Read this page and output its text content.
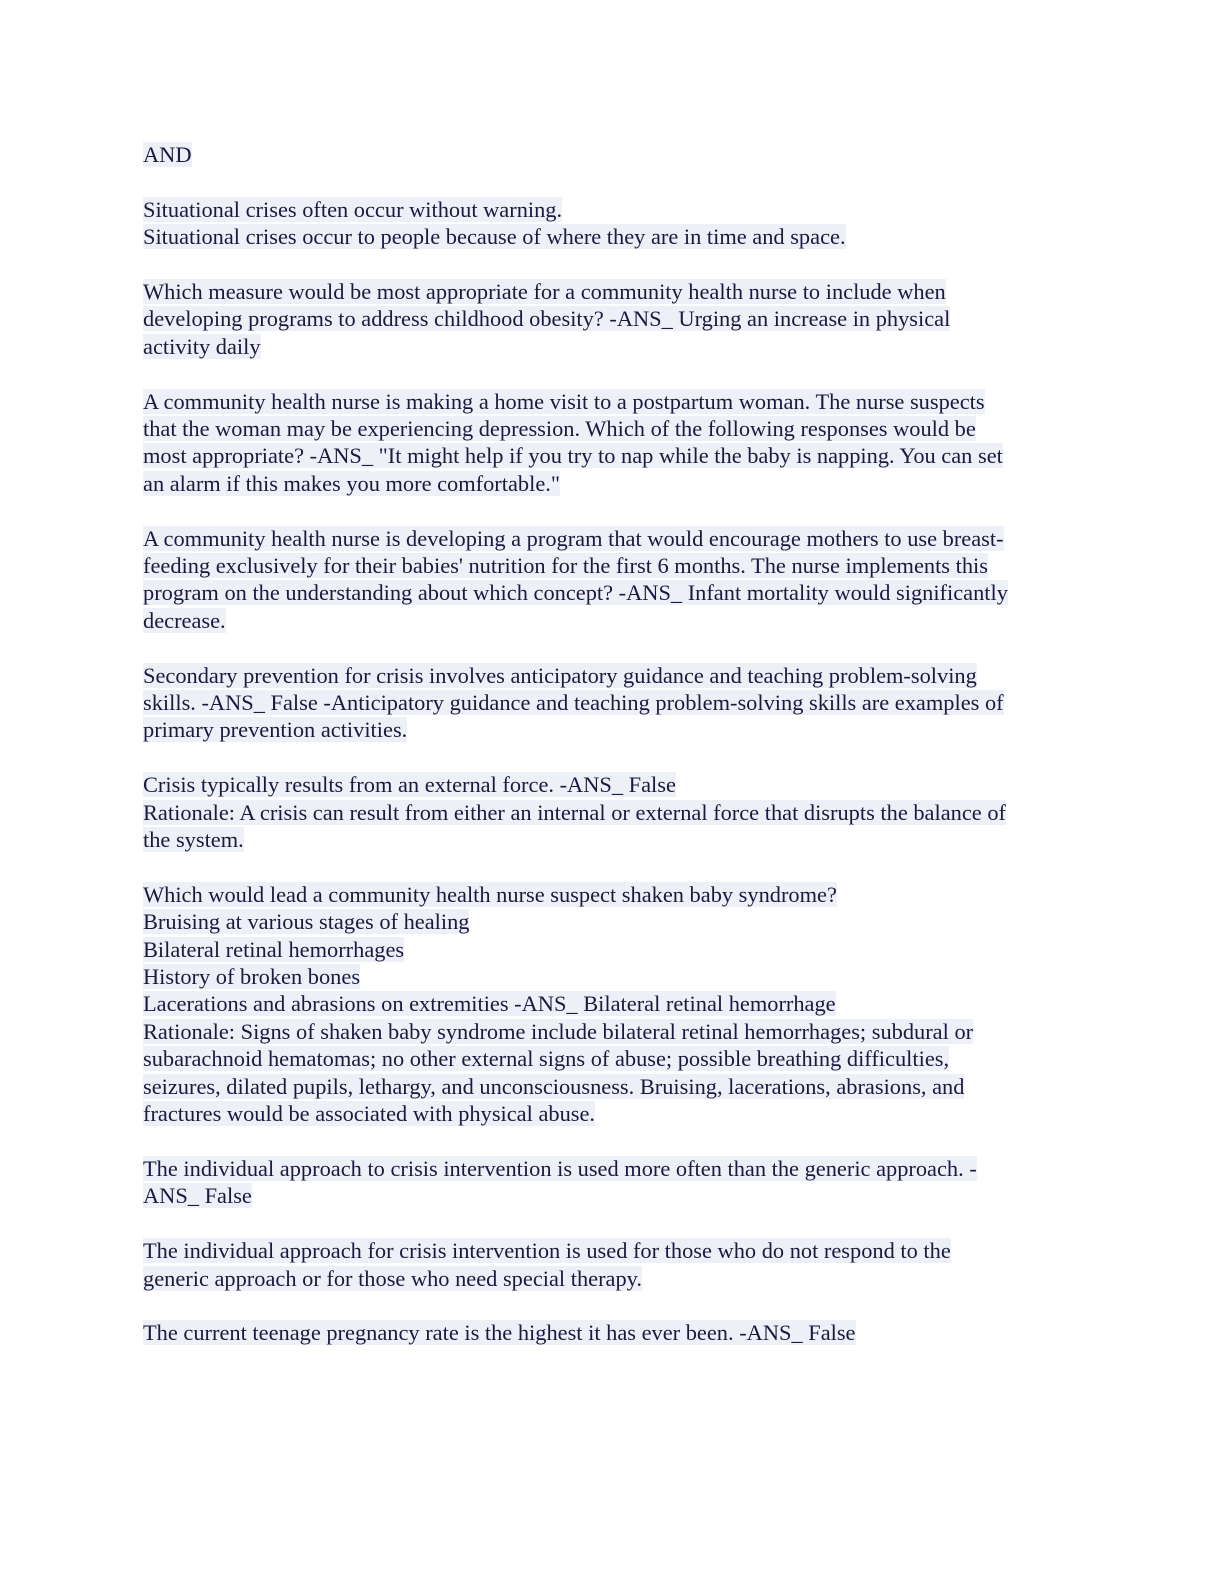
AND
Situational crises often occur without warning.
Situational crises occur to people because of where they are in time and space.
Which measure would be most appropriate for a community health nurse to include when
developing programs to address childhood obesity? -ANS_ Urging an increase in physical
activity daily
A community health nurse is making a home visit to a postpartum woman. The nurse suspects
that the woman may be experiencing depression. Which of the following responses would be
most appropriate? -ANS_ "It might help if you try to nap while the baby is napping. You can set
an alarm if this makes you more comfortable."
A community health nurse is developing a program that would encourage mothers to use breast-
feeding exclusively for their babies' nutrition for the first 6 months. The nurse implements this
program on the understanding about which concept? -ANS_ Infant mortality would significantly
decrease.
Secondary prevention for crisis involves anticipatory guidance and teaching problem-solving
skills. -ANS_ False -Anticipatory guidance and teaching problem-solving skills are examples of
primary prevention activities.
Crisis typically results from an external force. -ANS_ False
Rationale: A crisis can result from either an internal or external force that disrupts the balance of
the system.
Which would lead a community health nurse suspect shaken baby syndrome?
Bruising at various stages of healing
Bilateral retinal hemorrhages
History of broken bones
Lacerations and abrasions on extremities -ANS_ Bilateral retinal hemorrhage
Rationale: Signs of shaken baby syndrome include bilateral retinal hemorrhages; subdural or
subarachnoid hematomas; no other external signs of abuse; possible breathing difficulties,
seizures, dilated pupils, lethargy, and unconsciousness. Bruising, lacerations, abrasions, and
fractures would be associated with physical abuse.
The individual approach to crisis intervention is used more often than the generic approach. -
ANS_ False
The individual approach for crisis intervention is used for those who do not respond to the
generic approach or for those who need special therapy.
The current teenage pregnancy rate is the highest it has ever been. -ANS_ False
